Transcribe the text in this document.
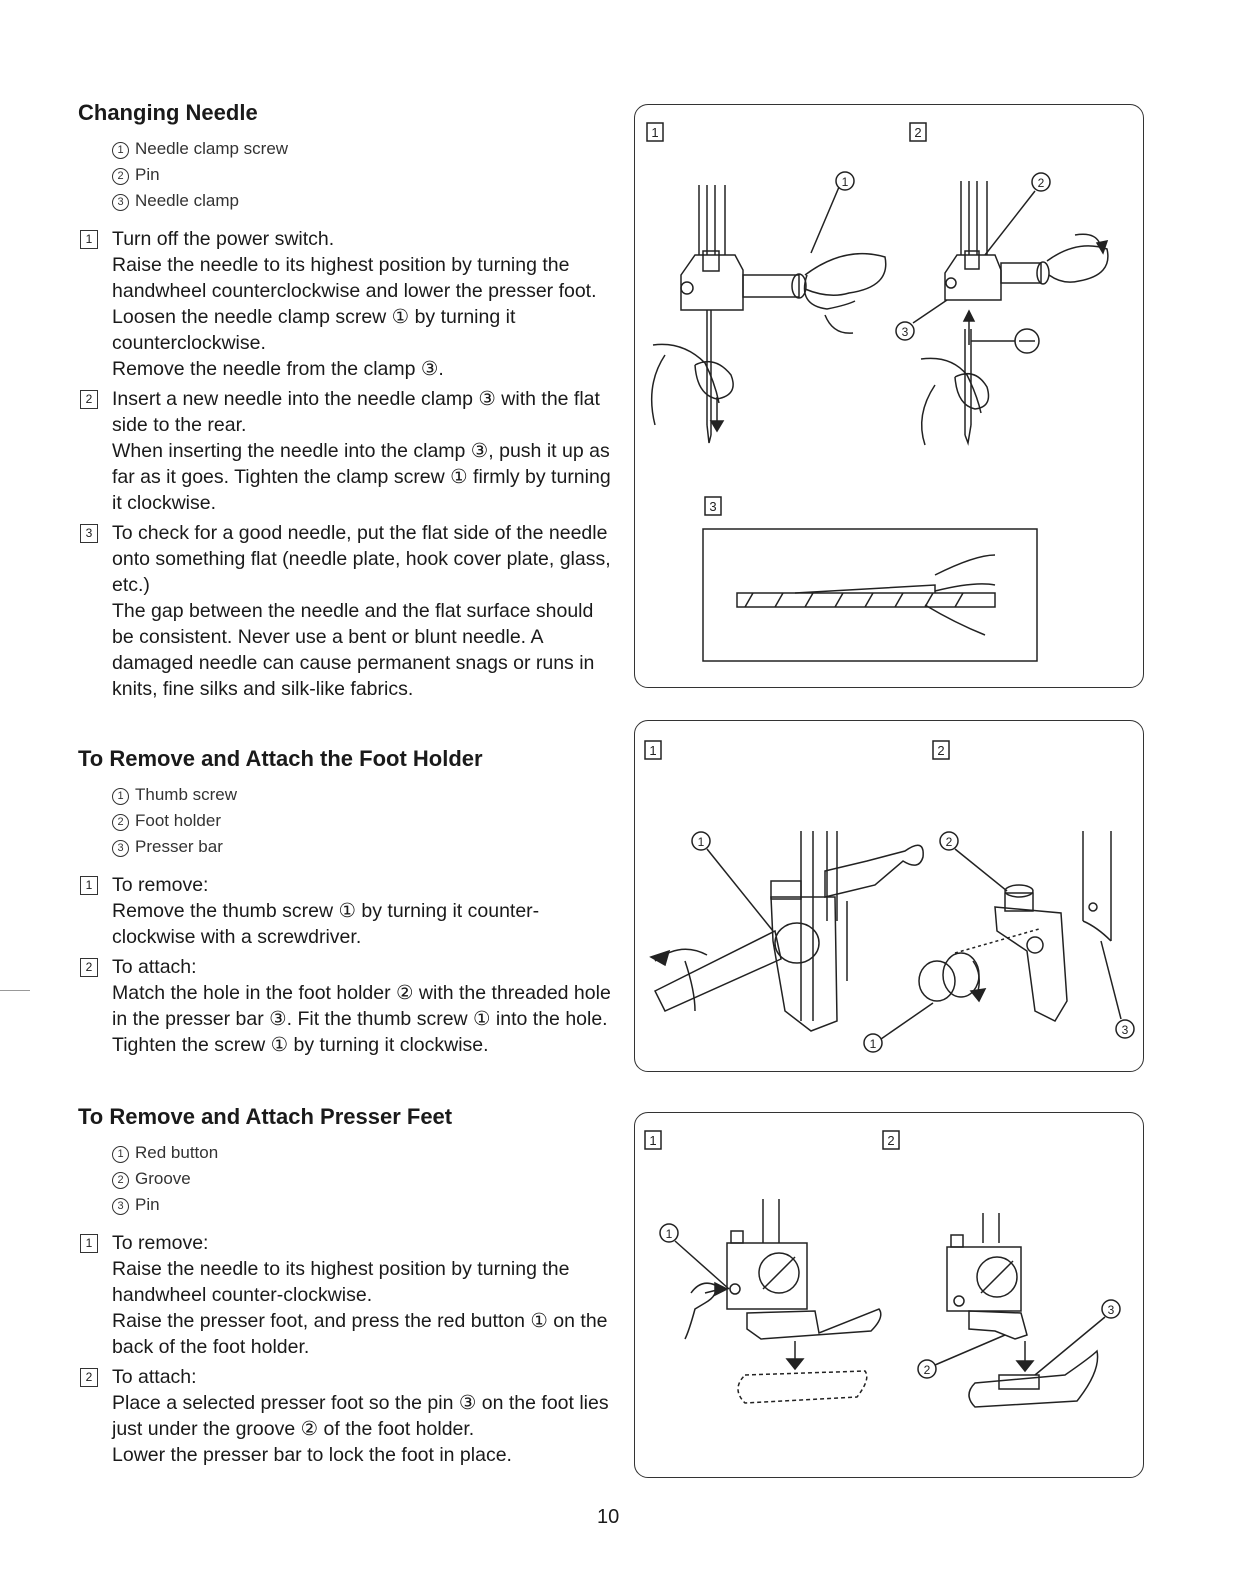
Changing Needle
1 Needle clamp screw
2 Pin
3 Needle clamp
1 Turn off the power switch.

Raise the needle to its highest position by turning the handwheel counterclockwise and lower the presser foot.

Loosen the needle clamp screw ① by turning it counterclockwise.

Remove the needle from the clamp ③.

2 Insert a new needle into the needle clamp ③ with the flat side to the rear.

When inserting the needle into the clamp ③, push it up as far as it goes. Tighten the clamp screw ① firmly by turning it clockwise.

3 To check for a good needle, put the flat side of the needle onto something flat (needle plate, hook cover plate, glass, etc.)

The gap between the needle and the flat surface should be consistent. Never use a bent or blunt needle. A damaged needle can cause permanent snags or runs in knits, fine silks and silk-like fabrics.

To Remove and Attach the Foot Holder
1 Thumb screw
2 Foot holder
3 Presser bar
1 To remove:

Remove the thumb screw ① by turning it counter-clockwise with a screwdriver.

2 To attach:

Match the hole in the foot holder ② with the threaded hole in the presser bar ③. Fit the thumb screw ① into the hole. Tighten the screw ① by turning it clockwise.

To Remove and Attach Presser Feet
1 Red button
2 Groove
3 Pin
1 To remove:

Raise the needle to its highest position by turning the handwheel counter-clockwise.

Raise the presser foot, and press the red button ① on the back of the foot holder.

2 To attach:

Place a selected presser foot so the pin ③ on the foot lies just under the groove ② of the foot holder.

Lower the presser bar to lock the foot in place.

1	2
3
1	2
3
1	2
1
1
2
3
1	2
1
3
2
10
